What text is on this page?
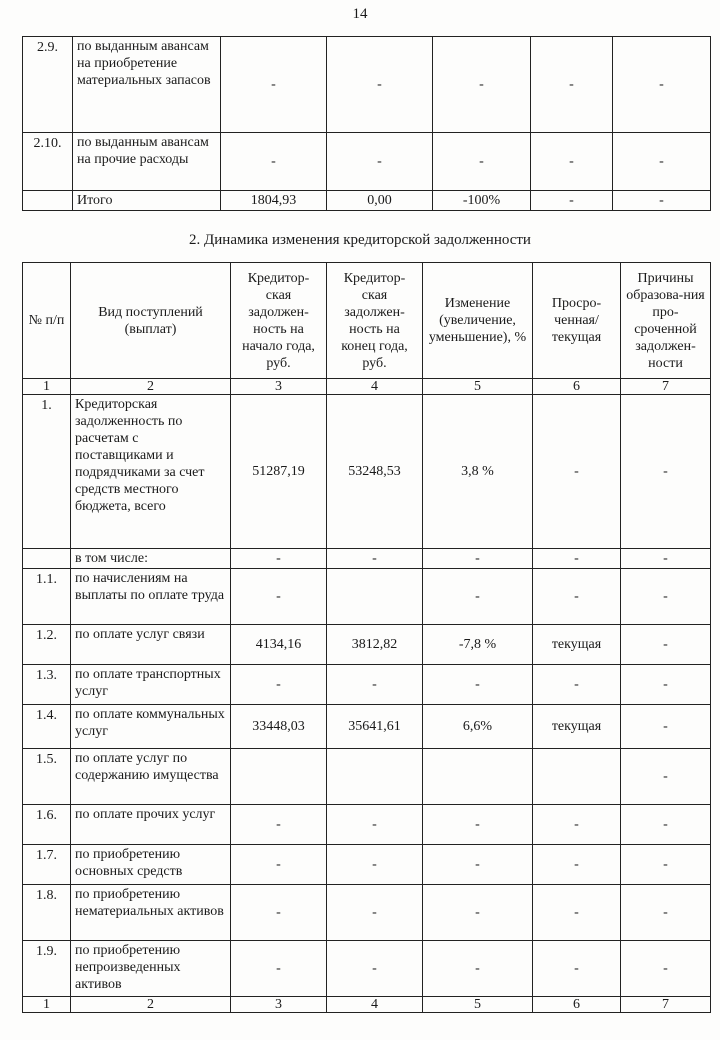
14
2.9.	по выданным авансам на приобретение материальных запасов	-	-	-	-	-
2.10.	по выданным авансам на прочие расходы	-	-	-	-	-
	Итого	1804,93	0,00	-100%	-	-
2. Динамика изменения кредиторской задолженности
№ п/п	Вид поступлений (выплат)	Кредитор-ская задолжен-ность на начало года, руб.	Кредитор-ская задолжен-ность на конец года, руб.	Изменение (увеличение, уменьшение), %	Просро-ченная/ текущая	Причины образова-ния про-сроченной задолжен-ности
1	2	3	4	5	6	7
1.	Кредиторская задолженность по расчетам с поставщиками и подрядчиками за счет средств местного бюджета, всего	51287,19	53248,53	3,8 %	-	-
	в том числе:	-	-	-	-	-
1.1.	по начислениям на выплаты по оплате труда	-		-	-	-
1.2.	по оплате услуг связи	4134,16	3812,82	-7,8 %	текущая	-
1.3.	по оплате транспортных услуг	-	-	-	-	-
1.4.	по оплате коммунальных услуг	33448,03	35641,61	6,6%	текущая	-
1.5.	по оплате услуг по содержанию имущества					-
1.6.	по оплате прочих услуг	-	-	-	-	-
1.7.	по приобретению основных средств	-	-	-	-	-
1.8.	по приобретению нематериальных активов	-	-	-	-	-
1.9.	по приобретению непроизведенных активов	-	-	-	-	-
1	2	3	4	5	6	7
